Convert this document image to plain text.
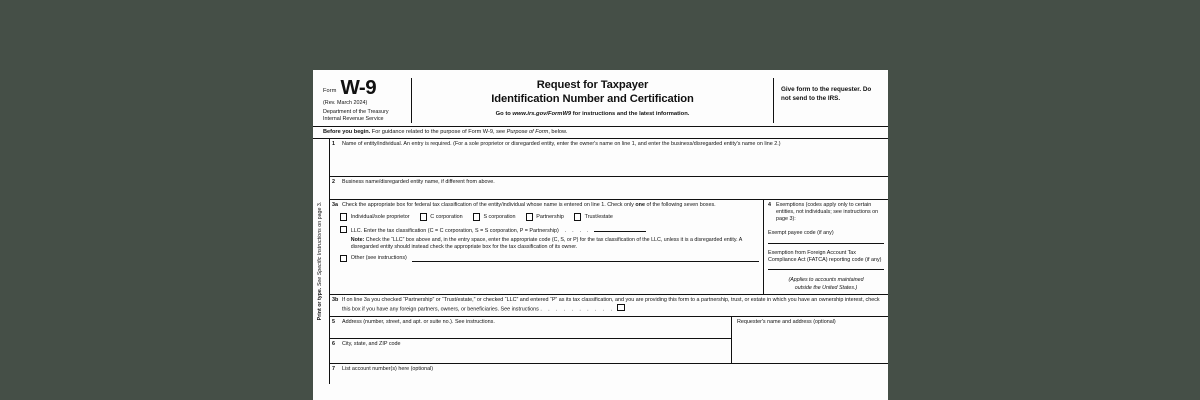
Form W-9
(Rev. March 2024)
Department of the Treasury
Internal Revenue Service
Request for Taxpayer
Identification Number and Certification
Go to www.irs.gov/FormW9 for instructions and the latest information.
Give form to the requester. Do not send to the IRS.
Before you begin. For guidance related to the purpose of Form W-9, see Purpose of Form, below.
Print or type. See Specific Instructions on page 3.
1	Name of entity/individual. An entry is required. (For a sole proprietor or disregarded entity, enter the owner's name on line 1, and enter the business/disregarded entity's name on line 2.)
2	Business name/disregarded entity name, if different from above.
3a Check the appropriate box for federal tax classification of the entity/individual whose name is entered on line 1. Check only one of the following seven boxes.
Individual/sole proprietor	C corporation	S corporation	Partnership	Trust/estate
LLC. Enter the tax classification (C = C corporation, S = S corporation, P = Partnership) . . . .
Note: Check the “LLC” box above and, in the entry space, enter the appropriate code (C, S, or P) for the tax classification of the LLC, unless it is a disregarded entity. A disregarded entity should instead check the appropriate box for the tax classification of its owner.
Other (see instructions)
4 Exemptions (codes apply only to certain entities, not individuals; see instructions on page 3):
Exempt payee code (if any)
Exemption from Foreign Account Tax Compliance Act (FATCA) reporting code (if any)
(Applies to accounts maintained
outside the United States.)
3b If on line 3a you checked “Partnership” or “Trust/estate,” or checked “LLC” and entered “P” as its tax classification, and you are providing this form to a partnership, trust, or estate in which you have an ownership interest, check this box if you have any foreign partners, owners, or beneficiaries. See instructions . . . . . . . . . .
5	Address (number, street, and apt. or suite no.). See instructions.
6	City, state, and ZIP code
Requester's name and address (optional)
7	List account number(s) here (optional)
